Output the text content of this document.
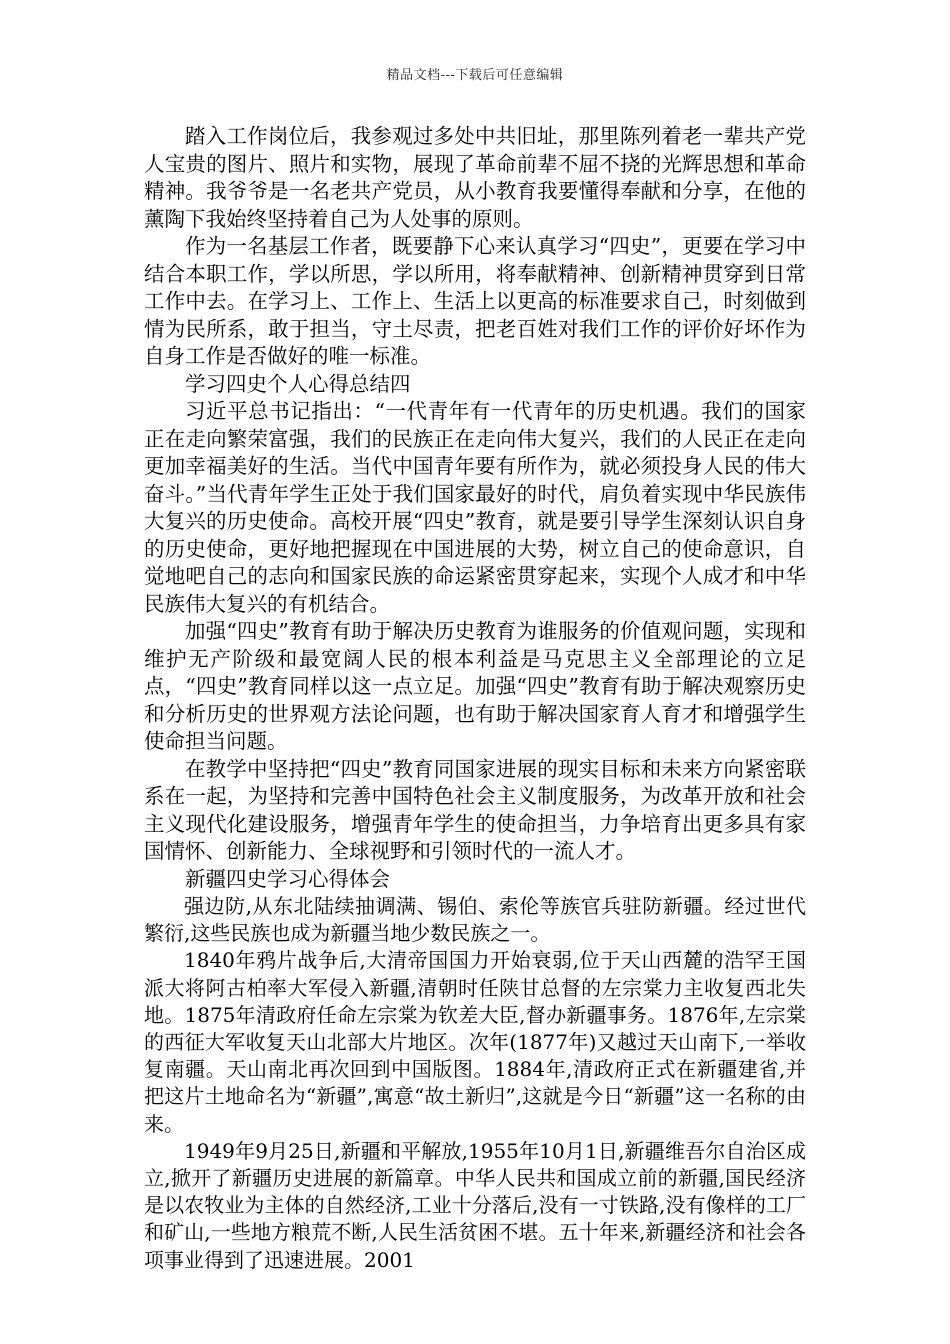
精品文档---下载后可任意编辑

踏入工作岗位后，我参观过多处中共旧址，那里陈列着老一辈共产党人宝贵的图片、照片和实物，展现了革命前辈不屈不挠的光辉思想和革命精神。我爷爷是一名老共产党员，从小教育我要懂得奉献和分享，在他的薰陶下我始终坚持着自己为人处事的原则。

作为一名基层工作者，既要静下心来认真学习“四史”，更要在学习中结合本职工作，学以所思，学以所用，将奉献精神、创新精神贯穿到日常工作中去。在学习上、工作上、生活上以更高的标准要求自己，时刻做到情为民所系，敢于担当，守土尽责，把老百姓对我们工作的评价好坏作为自身工作是否做好的唯一标准。

学习四史个人心得总结四

习近平总书记指出：“一代青年有一代青年的历史机遇。我们的国家正在走向繁荣富强，我们的民族正在走向伟大复兴，我们的人民正在走向更加幸福美好的生活。当代中国青年要有所作为，就必须投身人民的伟大奋斗。”当代青年学生正处于我们国家最好的时代，肩负着实现中华民族伟大复兴的历史使命。高校开展“四史”教育，就是要引导学生深刻认识自身的历史使命，更好地把握现在中国进展的大势，树立自己的使命意识，自觉地吧自己的志向和国家民族的命运紧密贯穿起来，实现个人成才和中华民族伟大复兴的有机结合。

加强“四史”教育有助于解决历史教育为谁服务的价值观问题，实现和维护无产阶级和最宽阔人民的根本利益是马克思主义全部理论的立足点，“四史”教育同样以这一点立足。加强“四史”教育有助于解决观察历史和分析历史的世界观方法论问题，也有助于解决国家育人育才和增强学生使命担当问题。

在教学中坚持把“四史”教育同国家进展的现实目标和未来方向紧密联系在一起，为坚持和完善中国特色社会主义制度服务，为改革开放和社会主义现代化建设服务，增强青年学生的使命担当，力争培育出更多具有家国情怀、创新能力、全球视野和引领时代的一流人才。

新疆四史学习心得体会

强边防,从东北陆续抽调满、锡伯、索伦等族官兵驻防新疆。经过世代繁衍,这些民族也成为新疆当地少数民族之一。

1840年鸦片战争后,大清帝国国力开始衰弱,位于天山西麓的浩罕王国派大将阿古柏率大军侵入新疆,清朝时任陕甘总督的左宗棠力主收复西北失地。1875年清政府任命左宗棠为钦差大臣,督办新疆事务。1876年,左宗棠的西征大军收复天山北部大片地区。次年(1877年)又越过天山南下,一举收复南疆。天山南北再次回到中国版图。1884年,清政府正式在新疆建省,并把这片土地命名为“新疆”,寓意“故土新归”,这就是今日“新疆”这一名称的由来。

1949年9月25日,新疆和平解放,1955年10月1日,新疆维吾尔自治区成立,掀开了新疆历史进展的新篇章。中华人民共和国成立前的新疆,国民经济是以农牧业为主体的自然经济,工业十分落后,没有一寸铁路,没有像样的工厂和矿山,一些地方粮荒不断,人民生活贫困不堪。五十年来,新疆经济和社会各项事业得到了迅速进展。2001
